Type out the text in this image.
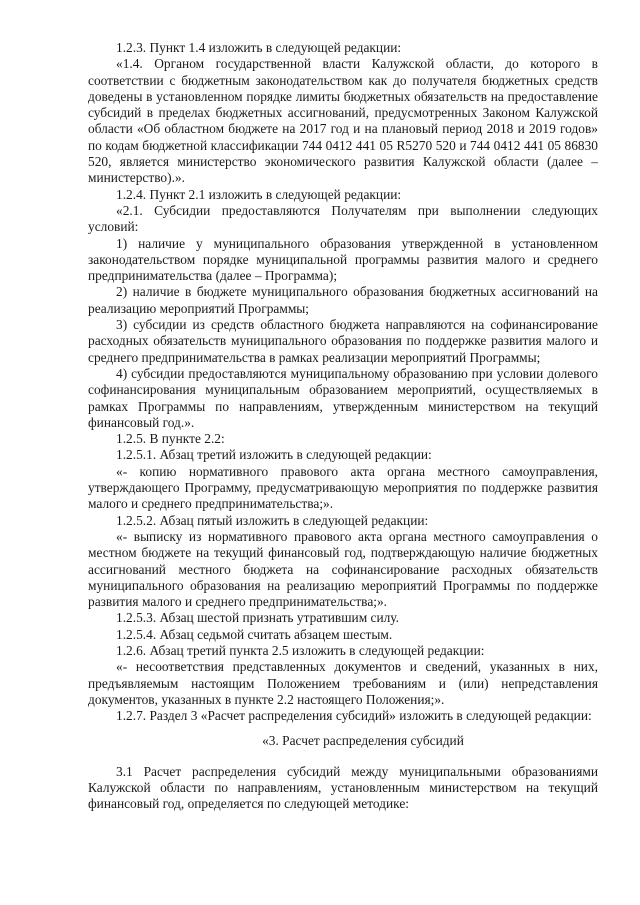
1.2.3. Пункт 1.4 изложить в следующей редакции:

«1.4. Органом государственной власти Калужской области, до которого в соответствии с бюджетным законодательством как до получателя бюджетных средств доведены в установленном порядке лимиты бюджетных обязательств на предоставление субсидий в пределах бюджетных ассигнований, предусмотренных Законом Калужской области «Об областном бюджете на 2017 год и на плановый период 2018 и 2019 годов» по кодам бюджетной классификации 744 0412 441 05 R5270 520 и 744 0412 441 05 86830 520, является министерство экономического развития Калужской области (далее – министерство).».

1.2.4. Пункт 2.1 изложить в следующей редакции:

«2.1. Субсидии предоставляются Получателям при выполнении следующих условий:

1) наличие у муниципального образования утвержденной в установленном законодательством порядке муниципальной программы развития малого и среднего предпринимательства (далее – Программа);

2) наличие в бюджете муниципального образования бюджетных ассигнований на реализацию мероприятий Программы;

3) субсидии из средств областного бюджета направляются на софинансирование расходных обязательств муниципального образования по поддержке развития малого и среднего предпринимательства в рамках реализации мероприятий Программы;

4) субсидии предоставляются муниципальному образованию при условии долевого софинансирования муниципальным образованием мероприятий, осуществляемых в рамках Программы по направлениям, утвержденным министерством на текущий финансовый год.».

1.2.5. В пункте 2.2:

1.2.5.1. Абзац третий изложить в следующей редакции:

«- копию нормативного правового акта органа местного самоуправления, утверждающего Программу, предусматривающую мероприятия по поддержке развития малого и среднего предпринимательства;».

1.2.5.2. Абзац пятый изложить в следующей редакции:

«- выписку из нормативного правового акта органа местного самоуправления о местном бюджете на текущий финансовый год, подтверждающую наличие бюджетных ассигнований местного бюджета на софинансирование расходных обязательств муниципального образования на реализацию мероприятий Программы по поддержке развития малого и среднего предпринимательства;».

1.2.5.3. Абзац шестой признать утратившим силу.

1.2.5.4. Абзац седьмой считать абзацем шестым.

1.2.6. Абзац третий пункта 2.5 изложить в следующей редакции:

«- несоответствия представленных документов и сведений, указанных в них, предъявляемым настоящим Положением требованиям и (или) непредставления документов, указанных в пункте 2.2 настоящего Положения;».

1.2.7. Раздел 3 «Расчет распределения субсидий» изложить в следующей редакции:

«3. Расчет распределения субсидий

3.1 Расчет распределения субсидий между муниципальными образованиями Калужской области по направлениям, установленным министерством на текущий финансовый год, определяется по следующей методике:
